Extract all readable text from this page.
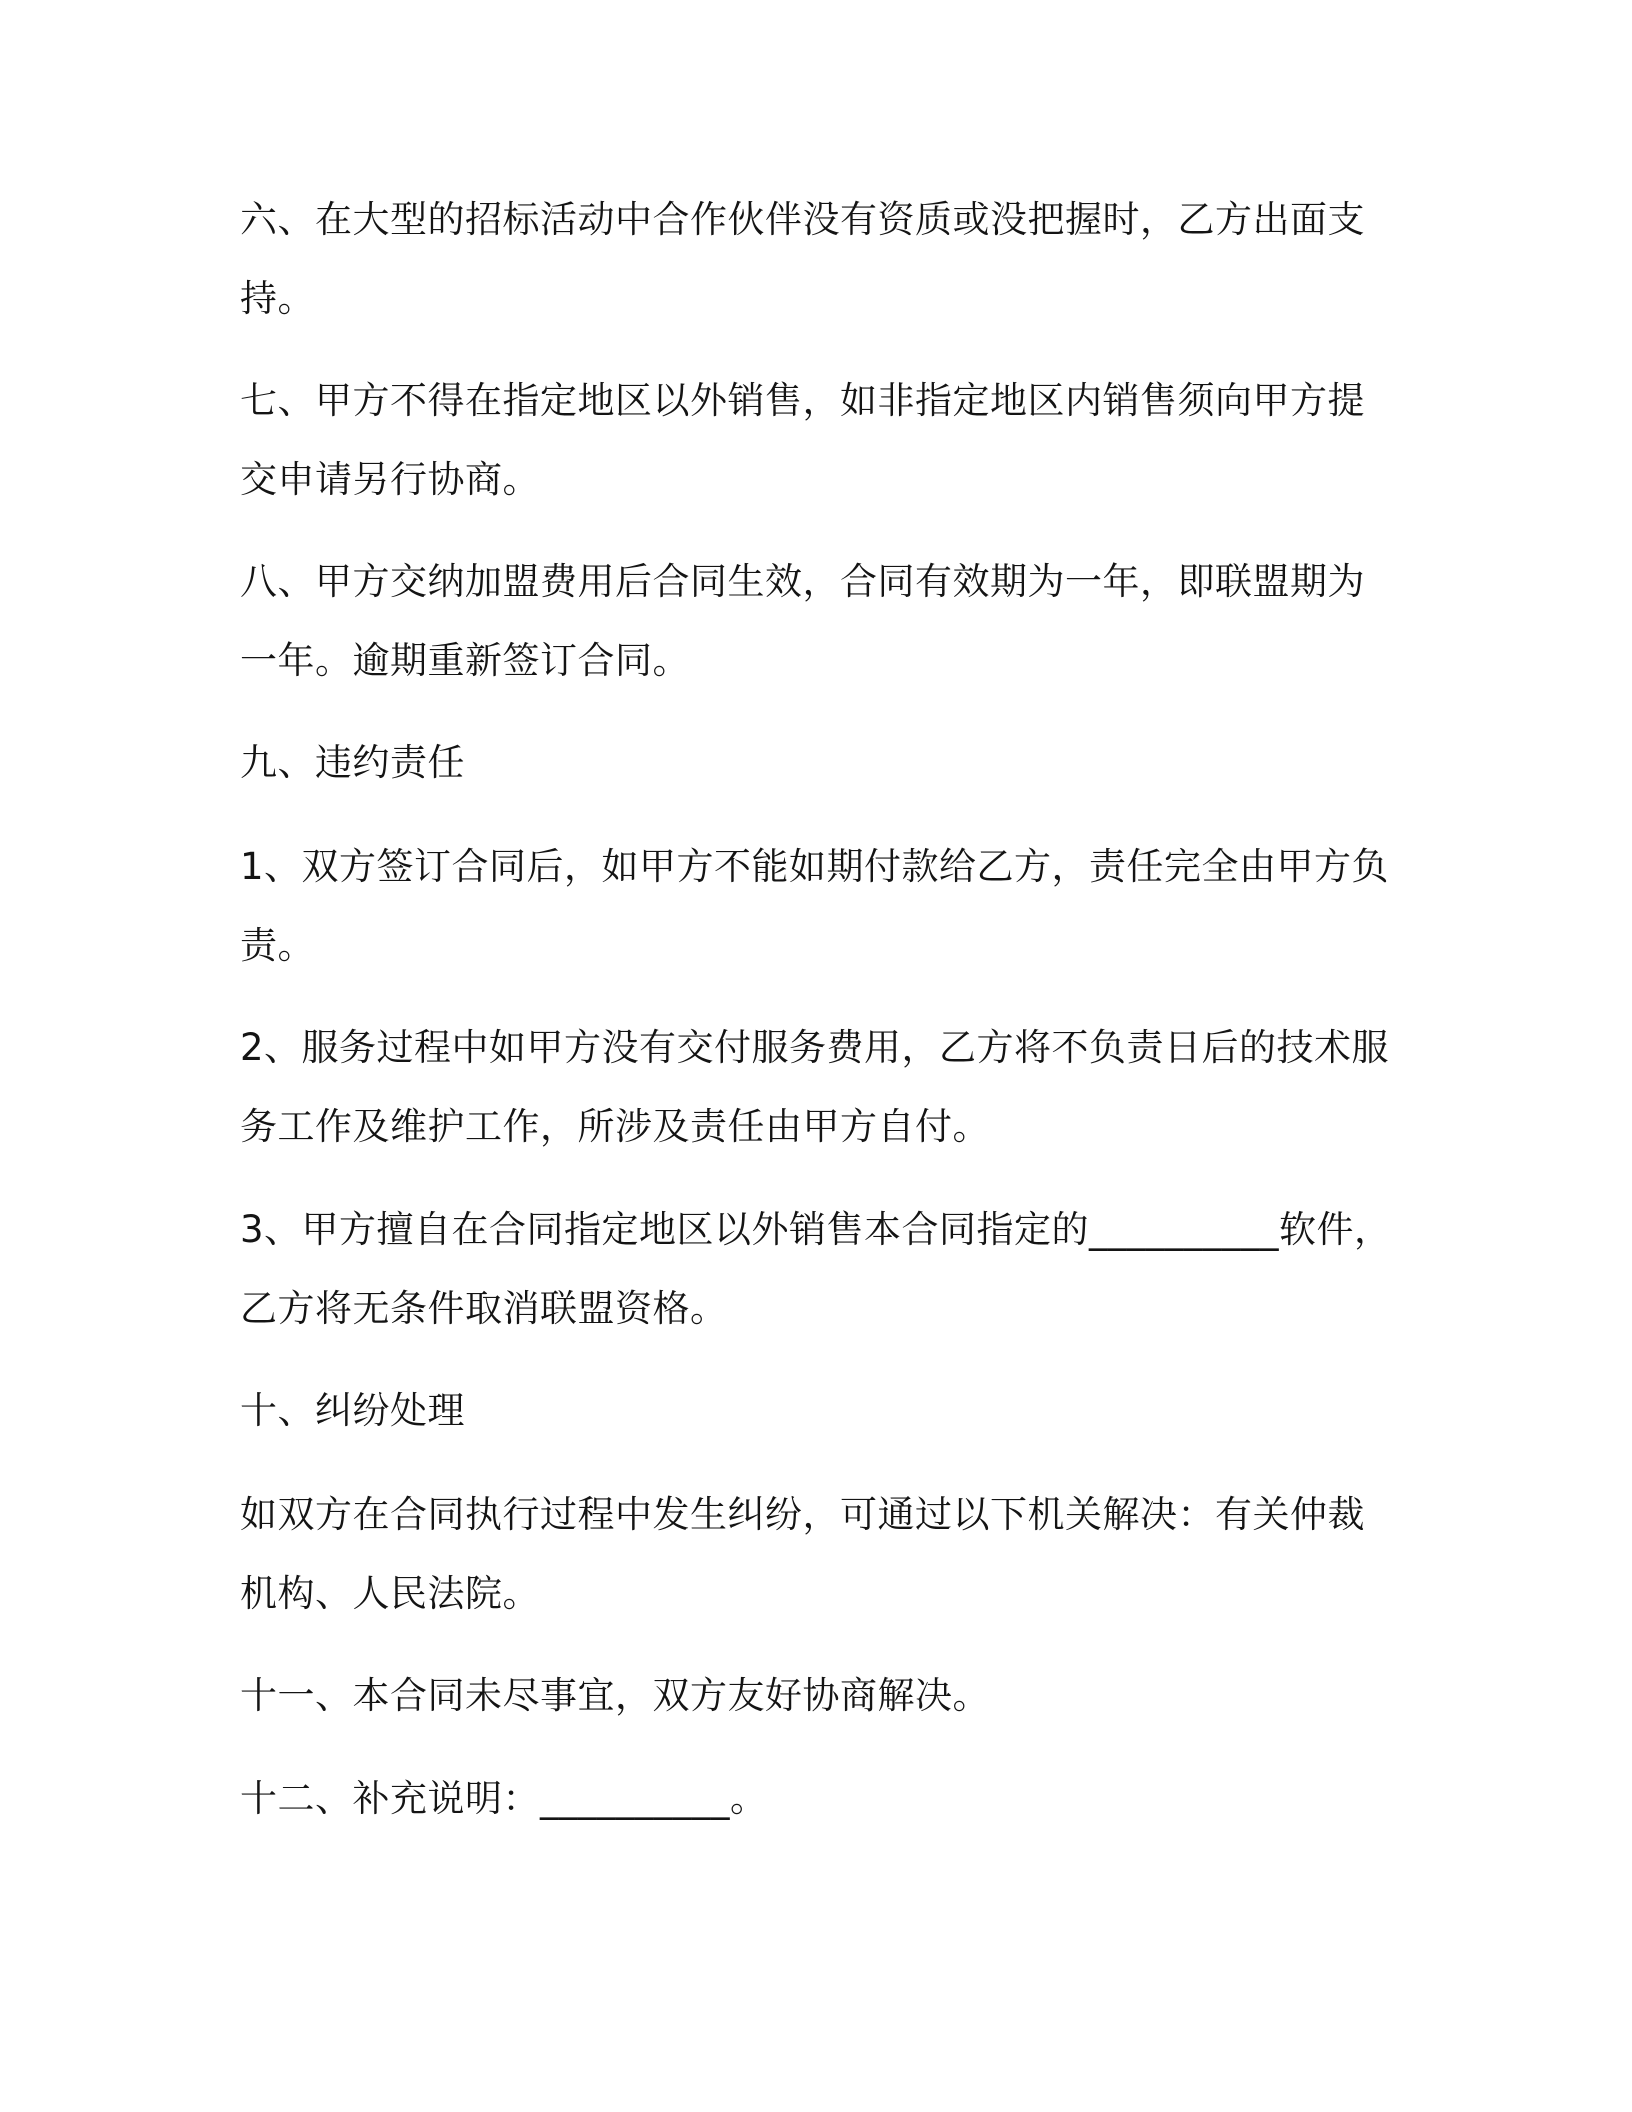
六、在大型的招标活动中合作伙伴没有资质或没把握时，乙方出面支
持。
七、甲方不得在指定地区以外销售，如非指定地区内销售须向甲方提
交申请另行协商。
八、甲方交纳加盟费用后合同生效，合同有效期为一年，即联盟期为
一年。逾期重新签订合同。
九、违约责任
1、双方签订合同后，如甲方不能如期付款给乙方，责任完全由甲方负
责。
2、服务过程中如甲方没有交付服务费用，乙方将不负责日后的技术服
务工作及维护工作，所涉及责任由甲方自付。
3、甲方擅自在合同指定地区以外销售本合同指定的__________软件，
乙方将无条件取消联盟资格。
十、纠纷处理
如双方在合同执行过程中发生纠纷，可通过以下机关解决：有关仲裁
机构、人民法院。
十一、本合同未尽事宜，双方友好协商解决。
十二、补充说明：__________。
